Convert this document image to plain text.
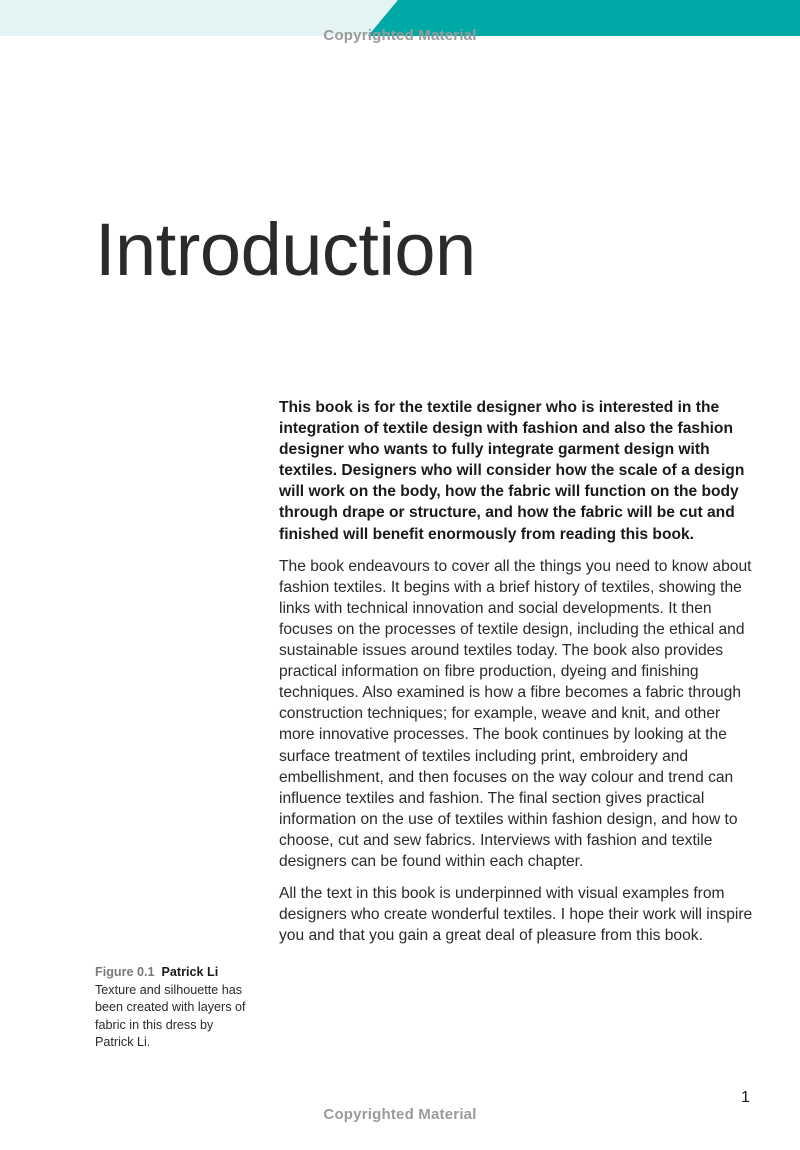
Copyrighted Material
Introduction

This book is for the textile designer who is interested in the integration of textile design with fashion and also the fashion designer who wants to fully integrate garment design with textiles. Designers who will consider how the scale of a design will work on the body, how the fabric will function on the body through drape or structure, and how the fabric will be cut and finished will benefit enormously from reading this book.

The book endeavours to cover all the things you need to know about fashion textiles. It begins with a brief history of textiles, showing the links with technical innovation and social developments. It then focuses on the processes of textile design, including the ethical and sustainable issues around textiles today. The book also provides practical information on fibre production, dyeing and finishing techniques. Also examined is how a fibre becomes a fabric through construction techniques; for example, weave and knit, and other more innovative processes. The book continues by looking at the surface treatment of textiles including print, embroidery and embellishment, and then focuses on the way colour and trend can influence textiles and fashion. The final section gives practical information on the use of textiles within fashion design, and how to choose, cut and sew fabrics. Interviews with fashion and textile designers can be found within each chapter.

All the text in this book is underpinned with visual examples from designers who create wonderful textiles. I hope their work will inspire you and that you gain a great deal of pleasure from this book.

Figure 0.1 Patrick Li
Texture and silhouette has been created with layers of fabric in this dress by Patrick Li.
1
Copyrighted Material
